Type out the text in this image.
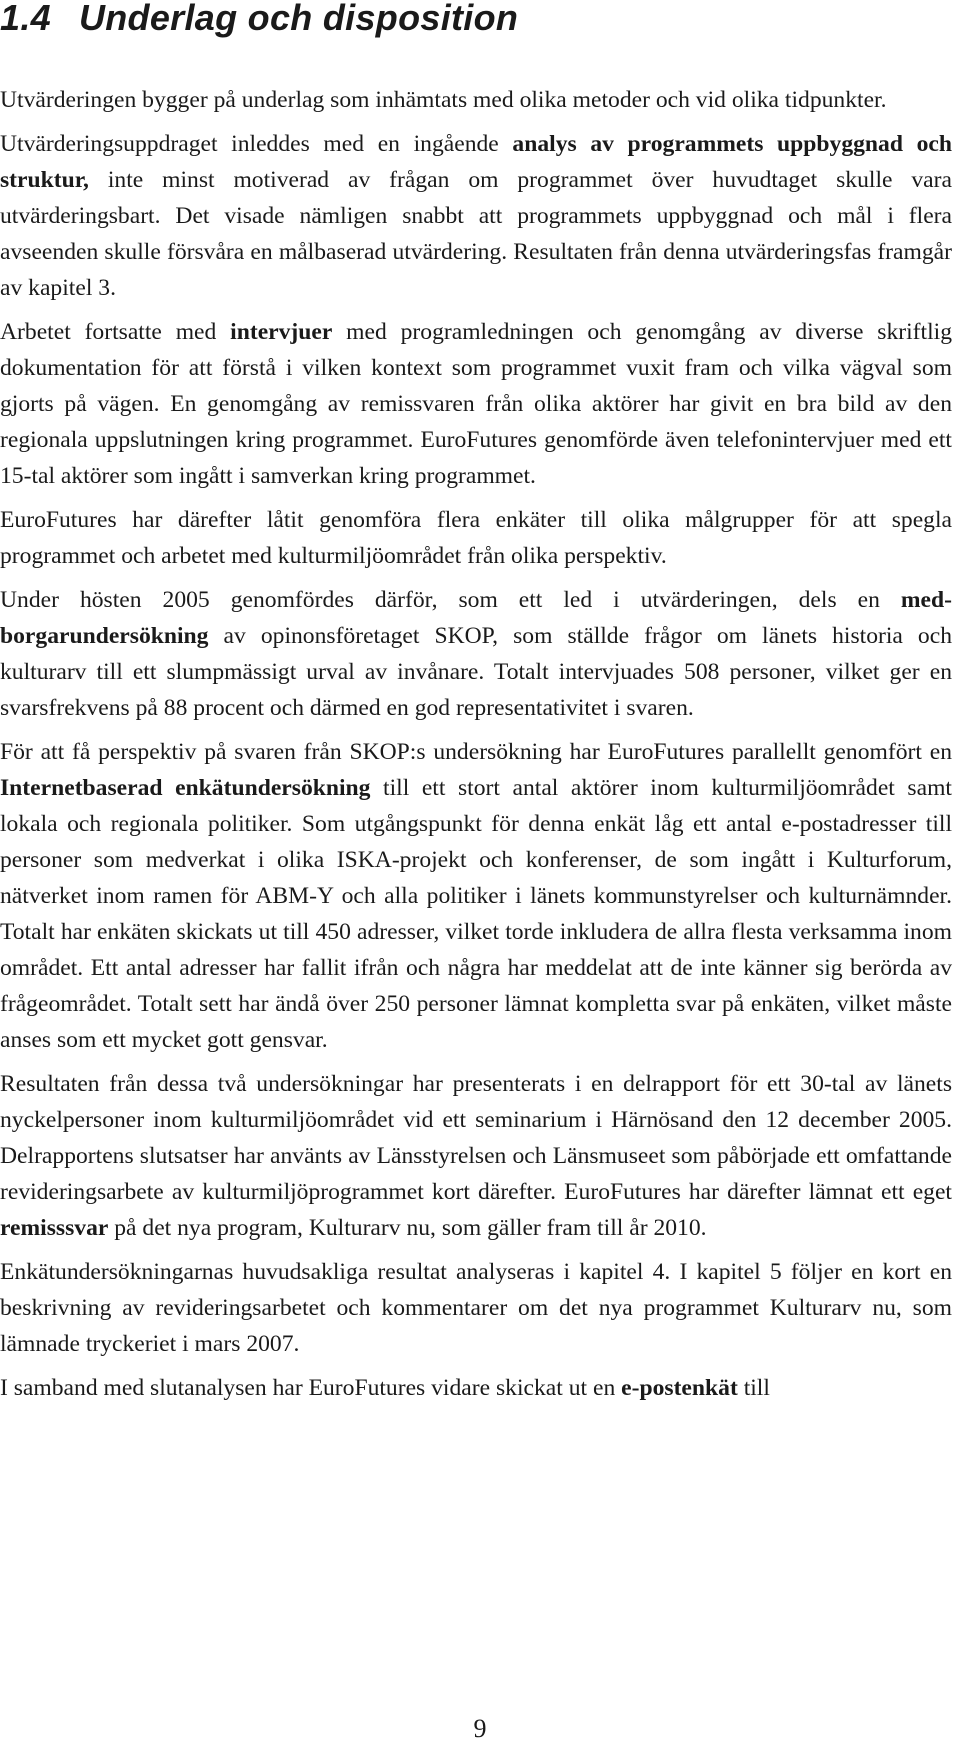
1.4 Underlag och disposition

Utvärderingen bygger på underlag som inhämtats med olika metoder och vid olika tidpunkter.

Utvärderingsuppdraget inleddes med en ingående analys av programmets uppbyggnad och struktur, inte minst motiverad av frågan om programmet över huvudtaget skulle vara utvärderingsbart. Det visade nämligen snabbt att programmets uppbyggnad och mål i flera avseenden skulle försvåra en målbaserad utvärdering. Resultaten från denna utvärderingsfas framgår av kapitel 3.

Arbetet fortsatte med intervjuer med programledningen och genomgång av diverse skriftlig dokumentation för att förstå i vilken kontext som programmet vuxit fram och vilka vägval som gjorts på vägen. En genomgång av remissvaren från olika aktörer har givit en bra bild av den regionala uppslutningen kring programmet. EuroFutures genomförde även telefonintervjuer med ett 15-tal aktörer som ingått i samverkan kring programmet.

EuroFutures har därefter låtit genomföra flera enkäter till olika målgrupper för att spegla programmet och arbetet med kulturmiljöområdet från olika perspektiv.

Under hösten 2005 genomfördes därför, som ett led i utvärderingen, dels en medborgarundersökning av opinonsföretaget SKOP, som ställde frågor om länets historia och kulturarv till ett slumpmässigt urval av invånare. Totalt intervjuades 508 personer, vilket ger en svarsfrekvens på 88 procent och därmed en god representativitet i svaren.

För att få perspektiv på svaren från SKOP:s undersökning har EuroFutures parallellt genomfört en Internetbaserad enkätundersökning till ett stort antal aktörer inom kulturmiljöområdet samt lokala och regionala politiker. Som utgångspunkt för denna enkät låg ett antal e-postadresser till personer som medverkat i olika ISKA-projekt och konferenser, de som ingått i Kulturforum, nätverket inom ramen för ABM-Y och alla politiker i länets kommunstyrelser och kulturnämnder. Totalt har enkäten skickats ut till 450 adresser, vilket torde inkludera de allra flesta verksamma inom området. Ett antal adresser har fallit ifrån och några har meddelat att de inte känner sig berörda av frågeområdet. Totalt sett har ändå över 250 personer lämnat kompletta svar på enkäten, vilket måste anses som ett mycket gott gensvar.

Resultaten från dessa två undersökningar har presenterats i en delrapport för ett 30-tal av länets nyckelpersoner inom kulturmiljöområdet vid ett seminarium i Härnösand den 12 december 2005. Delrapportens slutsatser har använts av Länsstyrelsen och Länsmuseet som påbörjade ett omfattande revideringsarbete av kulturmiljöprogrammet kort därefter. EuroFutures har därefter lämnat ett eget remisssvar på det nya program, Kulturarv nu, som gäller fram till år 2010.

Enkätundersökningarnas huvudsakliga resultat analyseras i kapitel 4. I kapitel 5 följer en kort en beskrivning av revideringsarbetet och kommentarer om det nya programmet Kulturarv nu, som lämnade tryckeriet i mars 2007.

I samband med slutanalysen har EuroFutures vidare skickat ut en e-postenkät till

9
